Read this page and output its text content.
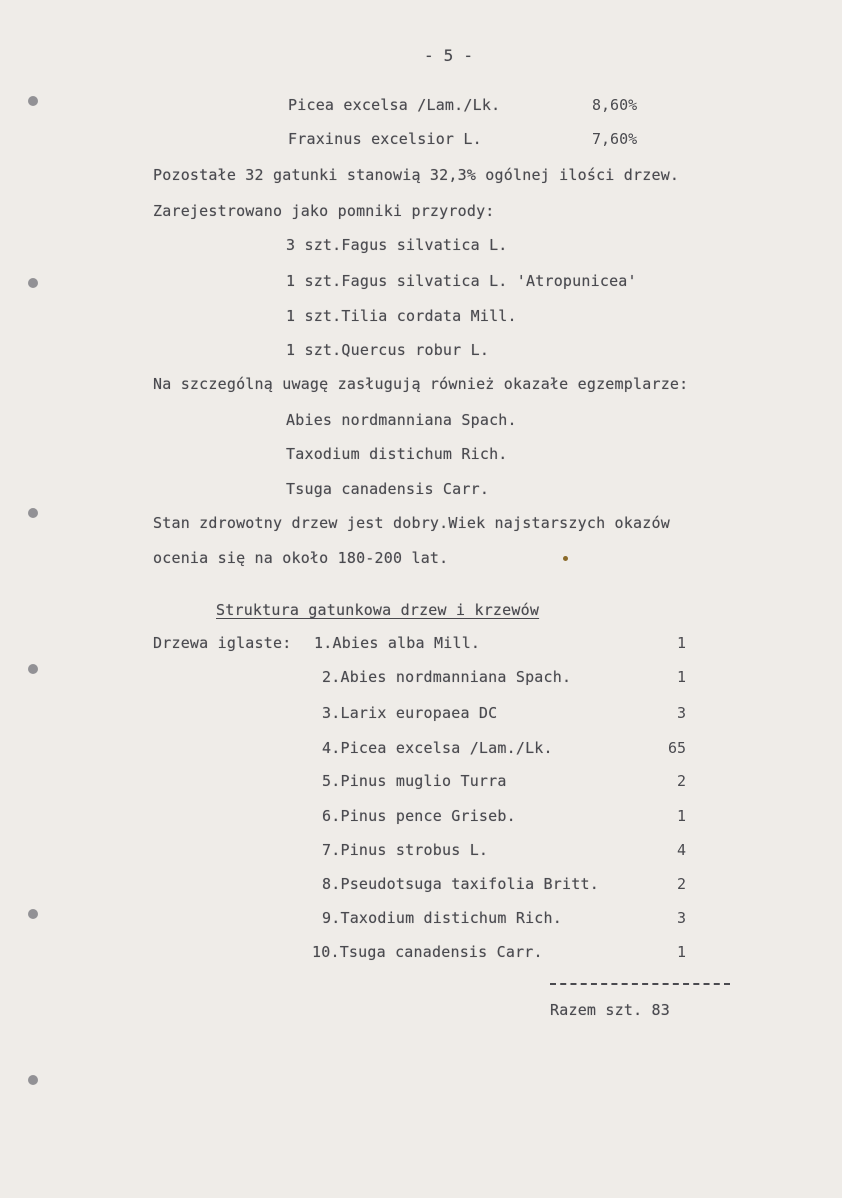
- 5 -
Picea excelsa /Lam./Lk.	8,60%
Fraxinus excelsior L.	7,60%
Pozostałe 32 gatunki stanowią 32,3% ogólnej ilości drzew.
Zarejestrowano jako pomniki przyrody:
3 szt.Fagus silvatica L.
1 szt.Fagus silvatica L. 'Atropunicea'
1 szt.Tilia cordata Mill.
1 szt.Quercus robur L.
Na szczególną uwagę zasługują również okazałe egzemplarze:
Abies nordmanniana Spach.
Taxodium distichum Rich.
Tsuga canadensis Carr.
Stan zdrowotny drzew jest dobry.Wiek najstarszych okazów
ocenia się na około 180-200 lat.
Struktura gatunkowa drzew i krzewów
Drzewa iglaste: 1.Abies alba Mill.	1
2.Abies nordmanniana Spach.	1
3.Larix europaea DC	3
4.Picea excelsa /Lam./Lk.	65
5.Pinus muglio Turra	2
6.Pinus pence Griseb.	1
7.Pinus strobus L.	4
8.Pseudotsuga taxifolia Britt.	2
9.Taxodium distichum Rich.	3
10.Tsuga canadensis Carr.	1
Razem szt. 83
